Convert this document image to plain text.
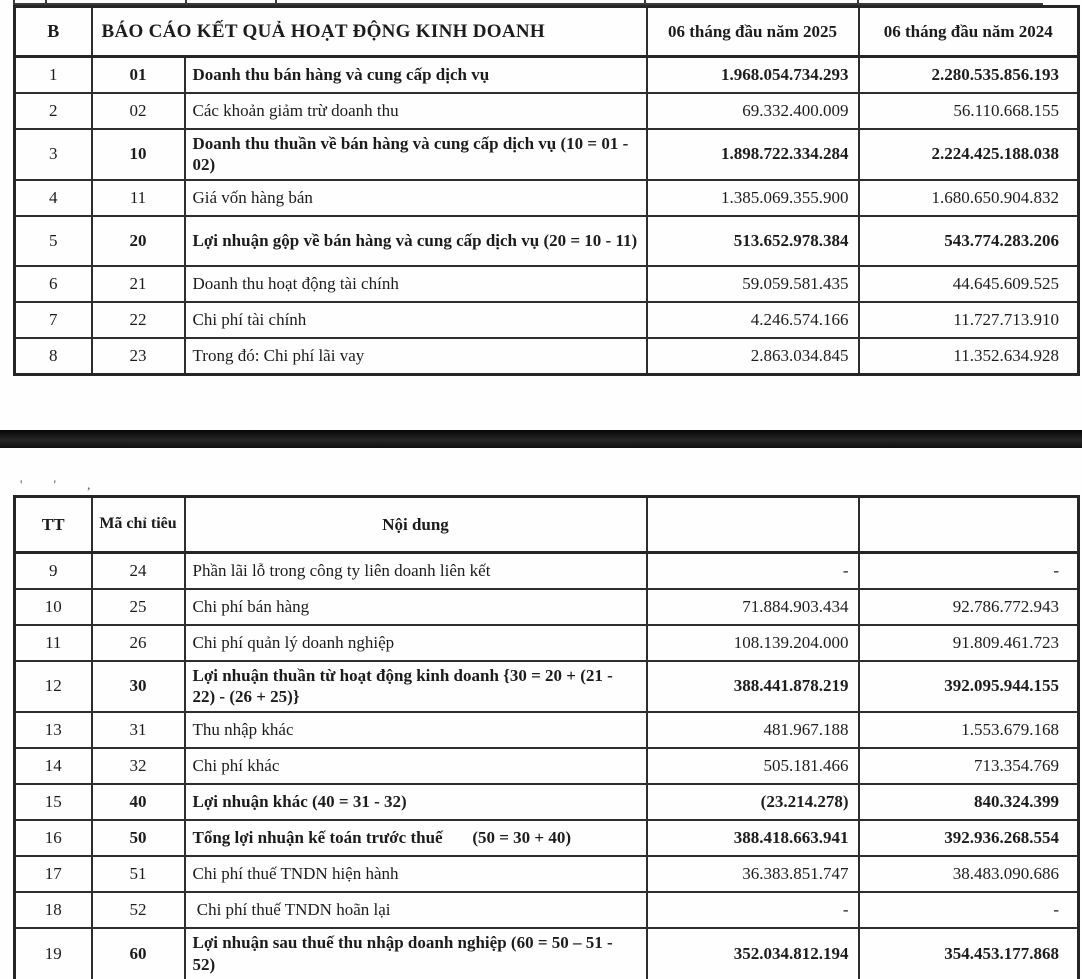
B	BÁO CÁO KẾT QUẢ HOẠT ĐỘNG KINH DOANH		06 tháng đầu năm 2025	06 tháng đầu năm 2024
1	01	Doanh thu bán hàng và cung cấp dịch vụ	1.968.054.734.293	2.280.535.856.193
2	02	Các khoản giảm trừ doanh thu	69.332.400.009	56.110.668.155
3	10	Doanh thu thuần về bán hàng và cung cấp dịch vụ (10 = 01 - 02)	1.898.722.334.284	2.224.425.188.038
4	11	Giá vốn hàng bán	1.385.069.355.900	1.680.650.904.832
5	20	Lợi nhuận gộp về bán hàng và cung cấp dịch vụ (20 = 10 - 11)	513.652.978.384	543.774.283.206
6	21	Doanh thu hoạt động tài chính	59.059.581.435	44.645.609.525
7	22	Chi phí tài chính	4.246.574.166	11.727.713.910
8	23	Trong đó: Chi phí lãi vay	2.863.034.845	11.352.634.928
' ' ,
TT	Mã chỉ tiêu	Nội dung		
9	24	Phần lãi lỗ trong công ty liên doanh liên kết	-	-
10	25	Chi phí bán hàng	71.884.903.434	92.786.772.943
11	26	Chi phí quản lý doanh nghiệp	108.139.204.000	91.809.461.723
12	30	Lợi nhuận thuần từ hoạt động kinh doanh {30 = 20 + (21 - 22) - (26 + 25)}	388.441.878.219	392.095.944.155
13	31	Thu nhập khác	481.967.188	1.553.679.168
14	32	Chi phí khác	505.181.466	713.354.769
15	40	Lợi nhuận khác (40 = 31 - 32)	(23.214.278)	840.324.399
16	50	Tổng lợi nhuận kế toán trước thuế       (50 = 30 + 40)	388.418.663.941	392.936.268.554
17	51	Chi phí thuế TNDN hiện hành	36.383.851.747	38.483.090.686
18	52	Chi phí thuế TNDN hoãn lại	-	-
19	60	Lợi nhuận sau thuế thu nhập doanh nghiệp (60 = 50 – 51 - 52)	352.034.812.194	354.453.177.868
